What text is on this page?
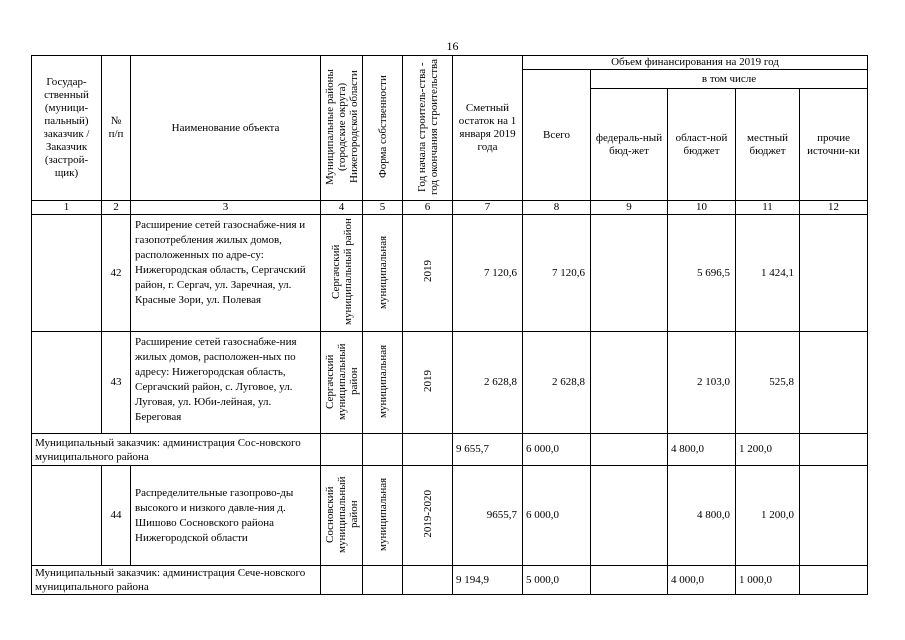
16
Государ-ственный (муници-пальный) заказчик / Заказчик (застрой-щик)	№ п/п	Наименование объекта	Муниципальные районы (городские округа) Нижегородской области	Форма собственности	Год начала строитель-ства - год окончания строительства	Сметный остаток на 1 января 2019 года	Объем финансирования на 2019 год				
							Всего	в том числе			
								федераль-ный бюд-жет	област-ной бюджет	местный бюджет	прочие источни-ки
1	2	3	4	5	6	7	8	9	10	11	12
	42	Расширение сетей газоснабже-ния и газопотребления жилых домов, расположенных по адре-су: Нижегородская область, Сергачский район, г. Сергач, ул. Заречная, ул. Красные Зори, ул. Полевая	Сергачский муниципальный район	муниципальная	2019	7 120,6	7 120,6		5 696,5	1 424,1	
	43	Расширение сетей газоснабже-ния жилых домов, расположен-ных по адресу: Нижегородская область, Сергачский район, с. Луговое, ул. Луговая, ул. Юби-лейная, ул. Береговая	Сергачский муниципальный район	муниципальная	2019	2 628,8	2 628,8		2 103,0	525,8	
Муниципальный заказчик: администрация Сос-новского муниципального района						9 655,7	6 000,0		4 800,0	1 200,0	
	44	Распределительные газопрово-ды высокого и низкого давле-ния д. Шишово Сосновского района Нижегородской области	Сосновский муниципальный район	муниципальная	2019-2020	9655,7	6 000,0		4 800,0	1 200,0	
Муниципальный заказчик: администрация Сече-новского муниципального района						9 194,9	5 000,0		4 000,0	1 000,0	
